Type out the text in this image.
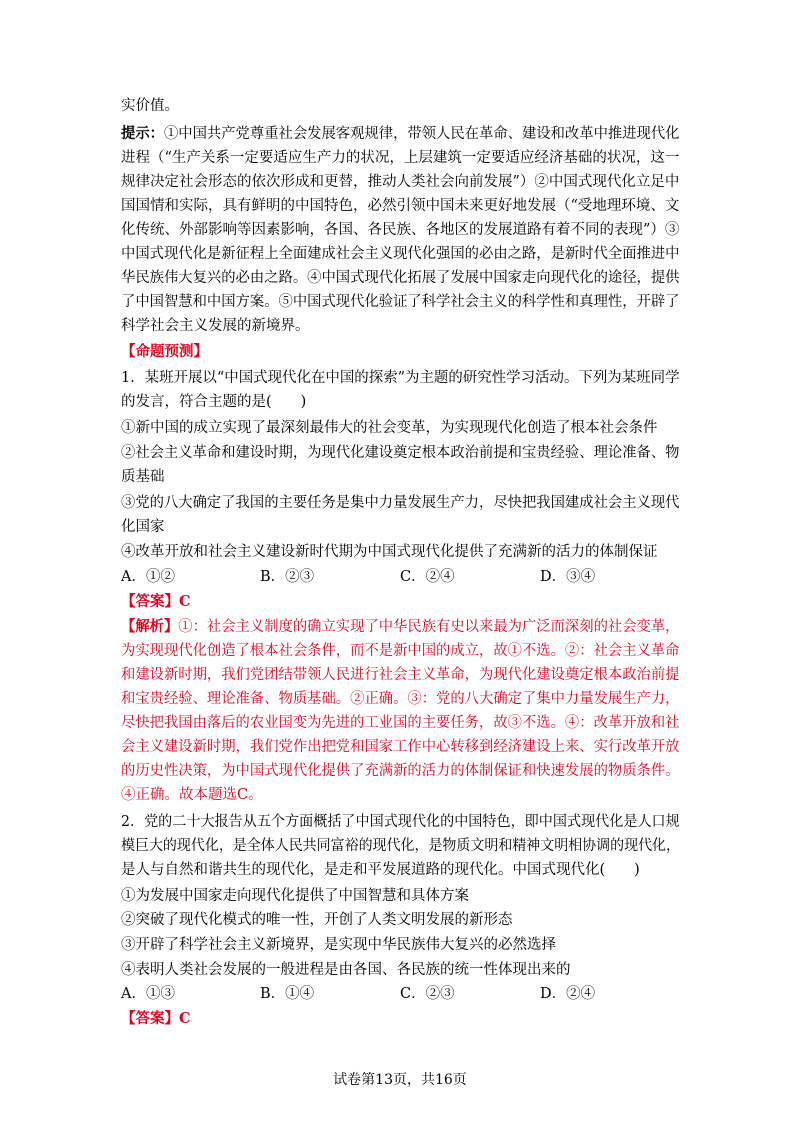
实价值。
提示：①中国共产党尊重社会发展客观规律，带领人民在革命、建设和改革中推进现代化
进程（“生产关系一定要适应生产力的状况，上层建筑一定要适应经济基础的状况，这一
规律决定社会形态的依次形成和更替，推动人类社会向前发展”）②中国式现代化立足中
国国情和实际，具有鲜明的中国特色，必然引领中国未来更好地发展（“受地理环境、文
化传统、外部影响等因素影响，各国、各民族、各地区的发展道路有着不同的表现”）③
中国式现代化是新征程上全面建成社会主义现代化强国的必由之路，是新时代全面推进中
华民族伟大复兴的必由之路。④中国式现代化拓展了发展中国家走向现代化的途径，提供
了中国智慧和中国方案。⑤中国式现代化验证了科学社会主义的科学性和真理性，开辟了
科学社会主义发展的新境界。
【命题预测】
1．某班开展以“中国式现代化在中国的探索”为主题的研究性学习活动。下列为某班同学
的发言，符合主题的是(　　)
①新中国的成立实现了最深刻最伟大的社会变革，为实现现代化创造了根本社会条件
②社会主义革命和建设时期，为现代化建设奠定根本政治前提和宝贵经验、理论准备、物
质基础
③党的八大确定了我国的主要任务是集中力量发展生产力，尽快把我国建成社会主义现代
化国家
④改革开放和社会主义建设新时代期为中国式现代化提供了充满新的活力的体制保证
A．①②	B．②③	C．②④	D．③④
【答案】C
【解析】①：社会主义制度的确立实现了中华民族有史以来最为广泛而深刻的社会变革，
为实现现代化创造了根本社会条件，而不是新中国的成立，故①不选。②：社会主义革命
和建设新时期，我们党团结带领人民进行社会主义革命，为现代化建设奠定根本政治前提
和宝贵经验、理论准备、物质基础。②正确。③：党的八大确定了集中力量发展生产力，
尽快把我国由落后的农业国变为先进的工业国的主要任务，故③不选。④：改革开放和社
会主义建设新时期，我们党作出把党和国家工作中心转移到经济建设上来、实行改革开放
的历史性决策，为中国式现代化提供了充满新的活力的体制保证和快速发展的物质条件。
④正确。故本题选C。
2．党的二十大报告从五个方面概括了中国式现代化的中国特色，即中国式现代化是人口规
模巨大的现代化，是全体人民共同富裕的现代化，是物质文明和精神文明相协调的现代化，
是人与自然和谐共生的现代化，是走和平发展道路的现代化。中国式现代化(　　)
①为发展中国家走向现代化提供了中国智慧和具体方案
②突破了现代化模式的唯一性，开创了人类文明发展的新形态
③开辟了科学社会主义新境界，是实现中华民族伟大复兴的必然选择
④表明人类社会发展的一般进程是由各国、各民族的统一性体现出来的
A．①③	B．①④	C．②③	D．②④
【答案】C
试卷第13页，共16页
